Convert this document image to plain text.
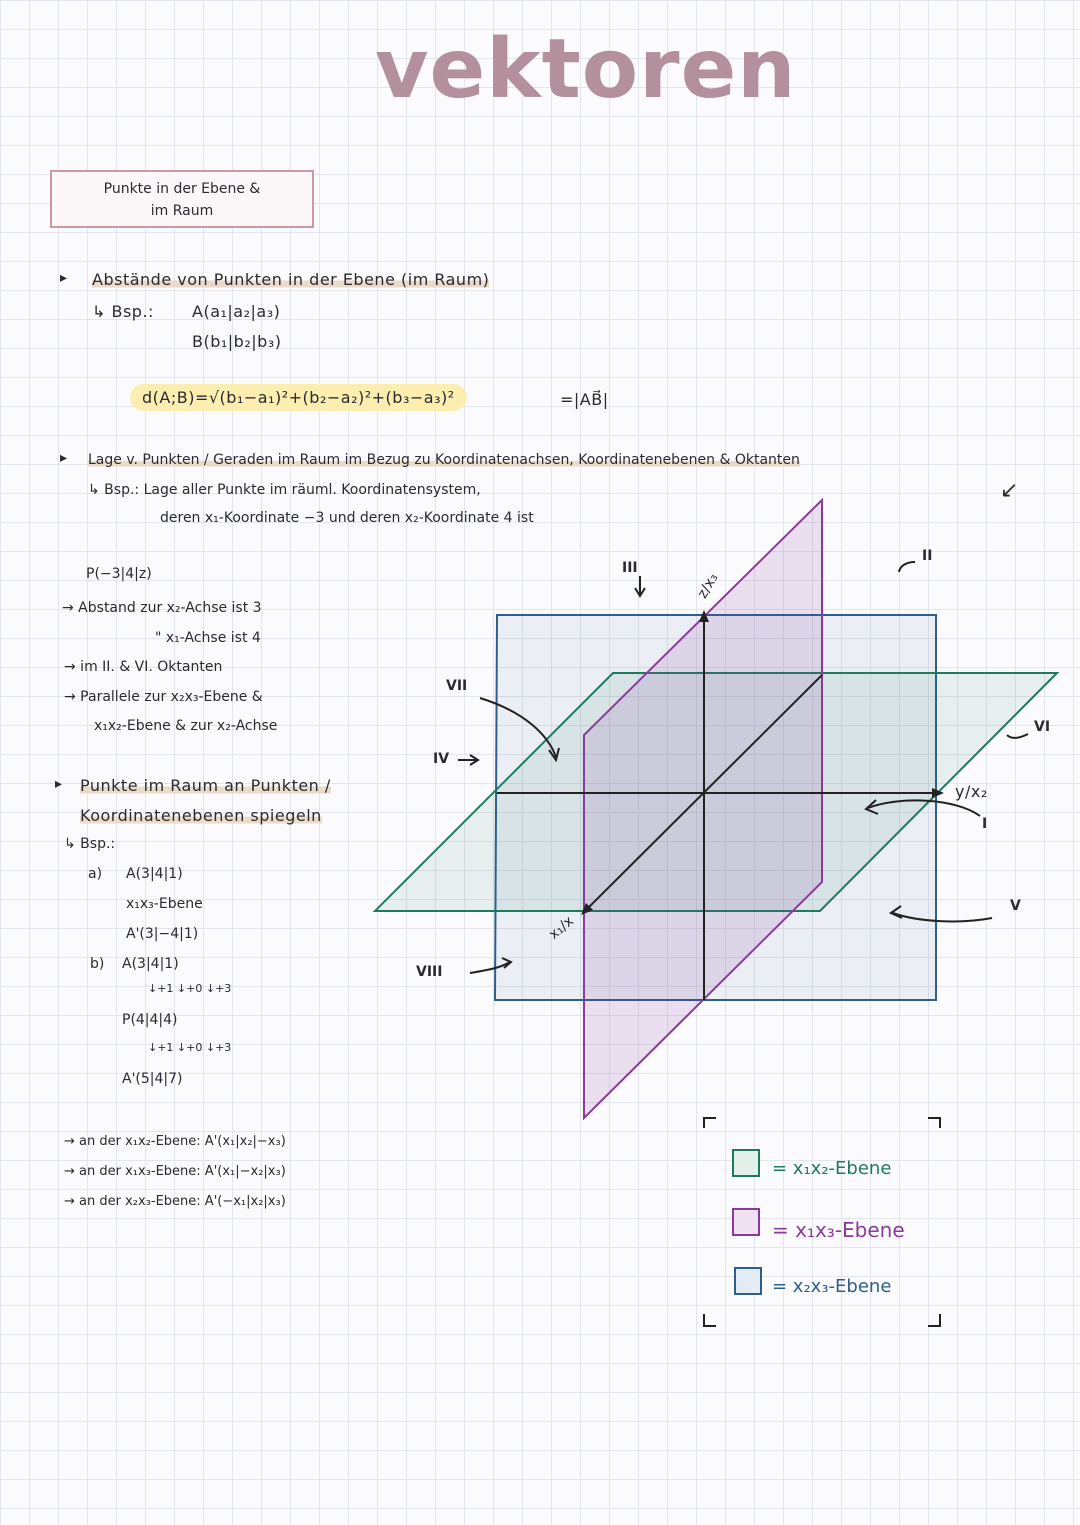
vektoren
Punkte in der Ebene &
im Raum
▸ Abstände von Punkten in der Ebene (im Raum)
↳ Bsp.: A(a₁|a₂|a₃)
B(b₁|b₂|b₃)
d(A;B)=√(b₁−a₁)²+(b₂−a₂)²+(b₃−a₃)²	=|AB⃗|
▸ Lage v. Punkten / Geraden im Raum im Bezug zu Koordinatenachsen, Koordinatenebenen & Oktanten
↳ Bsp.: Lage aller Punkte im räuml. Koordinatensystem,
deren x₁-Koordinate −3 und deren x₂-Koordinate 4 ist
↙
P(−3|4|z)
→ Abstand zur x₂-Achse ist 3
" x₁-Achse ist 4
→ im II. & VI. Oktanten
→ Parallele zur x₂x₃-Ebene &
x₁x₂-Ebene & zur x₂-Achse
▸ Punkte im Raum an Punkten /
Koordinatenebenen spiegeln
↳ Bsp.:
a) A(3|4|1)
x₁x₃-Ebene
A'(3|−4|1)
b) A(3|4|1)
↓+1 ↓+0 ↓+3
P(4|4|4)
↓+1 ↓+0 ↓+3
A'(5|4|7)
→ an der x₁x₂-Ebene: A'(x₁|x₂|−x₃)
→ an der x₁x₃-Ebene: A'(x₁|−x₂|x₃)
→ an der x₂x₃-Ebene: A'(−x₁|x₂|x₃)
z/x₃
y/x₂
x₁/x
I
II
III
IV
V
VI
VII
VIII
= x₁x₂-Ebene
= x₁x₃-Ebene
= x₂x₃-Ebene
